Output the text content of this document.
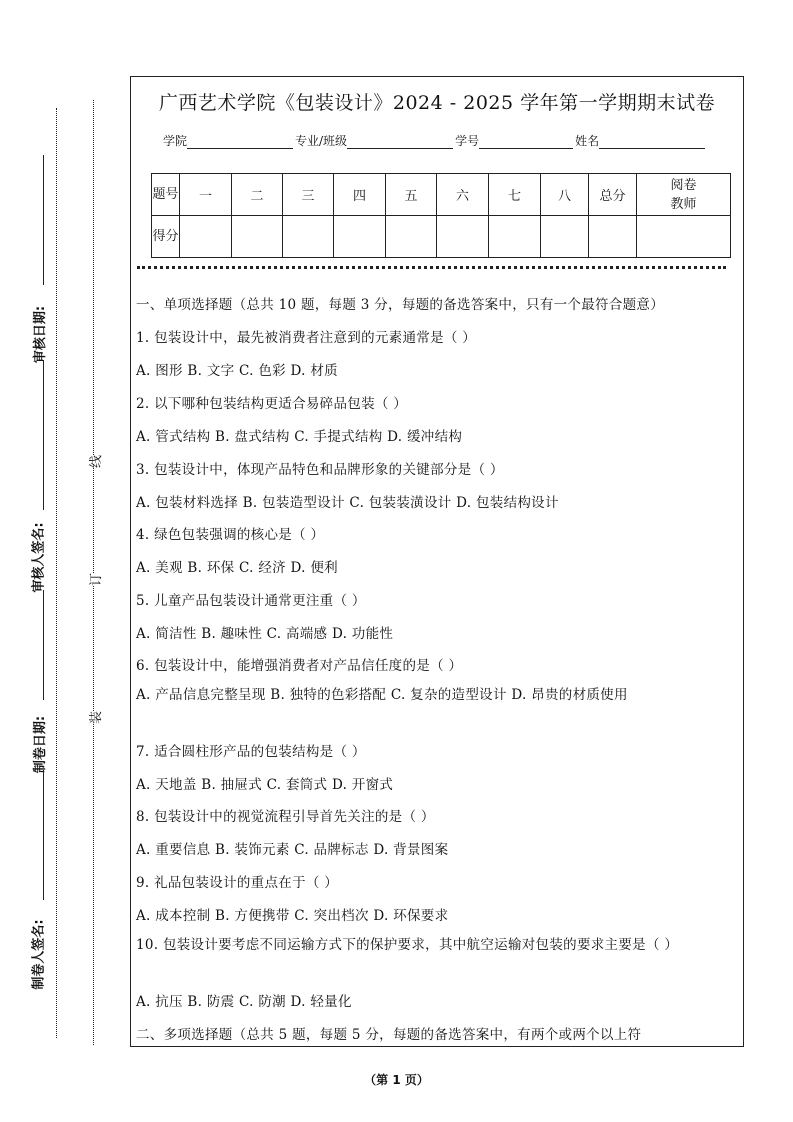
审核日期:
审核人签名:
制卷日期:
制卷人签名:
线
订
装
广西艺术学院《包装设计》2024 - 2025 学年第一学期期末试卷
学院	专业/班级	学号	姓名
题号	一	二	三	四	五	六	七	八	总分	阅卷教师
得分										
一、单项选择题（总共 10 题，每题 3 分，每题的备选答案中，只有一个最符合题意）
1. 包装设计中，最先被消费者注意到的元素通常是（ ）
A. 图形 B. 文字 C. 色彩 D. 材质
2. 以下哪种包装结构更适合易碎品包装（ ）
A. 管式结构 B. 盘式结构 C. 手提式结构 D. 缓冲结构
3. 包装设计中，体现产品特色和品牌形象的关键部分是（ ）
A. 包装材料选择 B. 包装造型设计 C. 包装装潢设计 D. 包装结构设计
4. 绿色包装强调的核心是（ ）
A. 美观 B. 环保 C. 经济 D. 便利
5. 儿童产品包装设计通常更注重（ ）
A. 简洁性 B. 趣味性 C. 高端感 D. 功能性
6. 包装设计中，能增强消费者对产品信任度的是（ ）
A. 产品信息完整呈现 B. 独特的色彩搭配 C. 复杂的造型设计 D. 昂贵的材质使用
7. 适合圆柱形产品的包装结构是（ ）
A. 天地盖 B. 抽屉式 C. 套筒式 D. 开窗式
8. 包装设计中的视觉流程引导首先关注的是（ ）
A. 重要信息 B. 装饰元素 C. 品牌标志 D. 背景图案
9. 礼品包装设计的重点在于（ ）
A. 成本控制 B. 方便携带 C. 突出档次 D. 环保要求
10. 包装设计要考虑不同运输方式下的保护要求，其中航空运输对包装的要求主要是（ ）
A. 抗压 B. 防震 C. 防潮 D. 轻量化
二、多项选择题（总共 5 题，每题 5 分，每题的备选答案中，有两个或两个以上符
（第 1 页）
